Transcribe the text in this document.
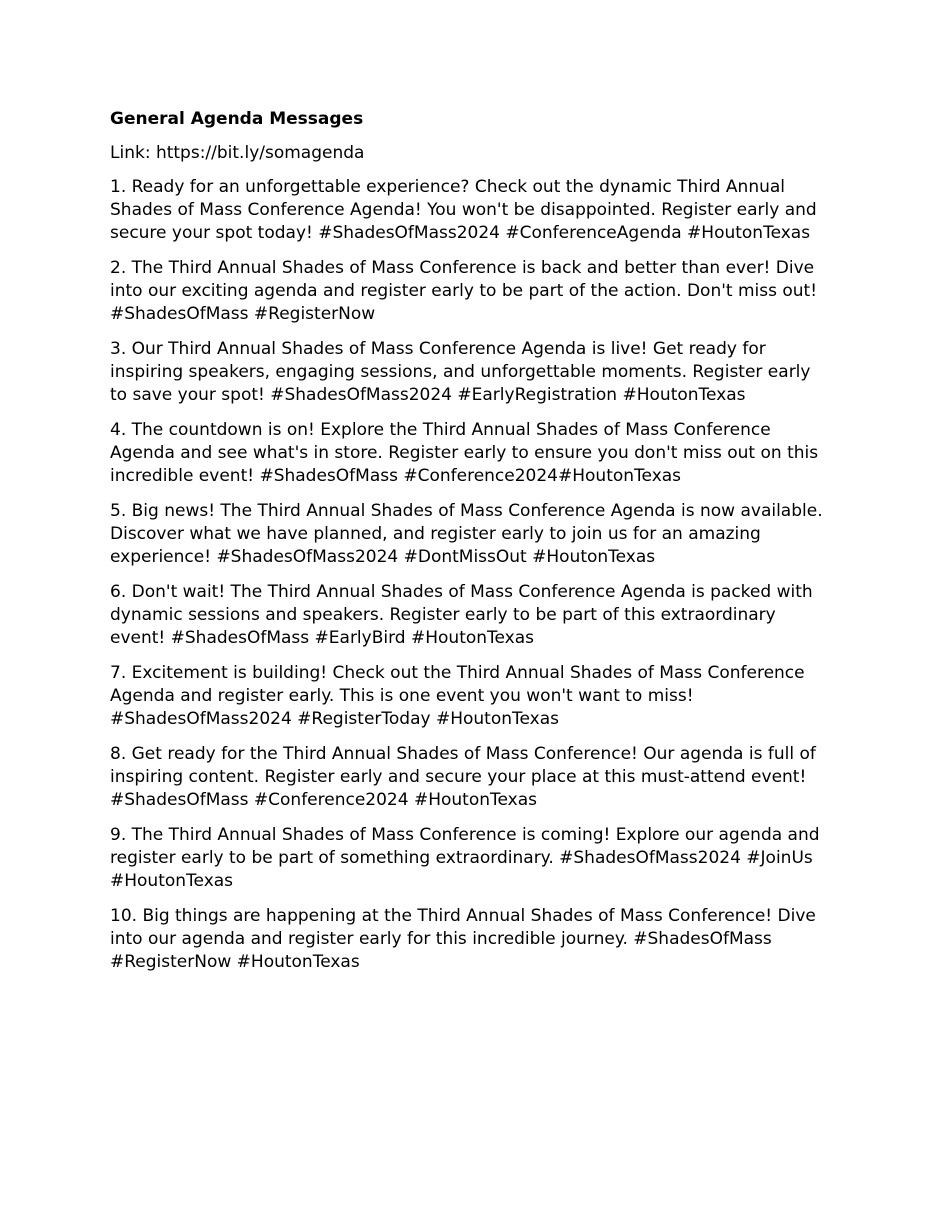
General Agenda Messages
Link: https://bit.ly/somagenda

1. Ready for an unforgettable experience? Check out the dynamic Third Annual Shades of Mass Conference Agenda! You won't be disappointed. Register early and secure your spot today! #ShadesOfMass2024 #ConferenceAgenda #HoutonTexas

2. The Third Annual Shades of Mass Conference is back and better than ever! Dive into our exciting agenda and register early to be part of the action. Don't miss out! #ShadesOfMass #RegisterNow

3. Our Third Annual Shades of Mass Conference Agenda is live! Get ready for inspiring speakers, engaging sessions, and unforgettable moments. Register early to save your spot! #ShadesOfMass2024 #EarlyRegistration #HoutonTexas

4. The countdown is on! Explore the Third Annual Shades of Mass Conference Agenda and see what's in store. Register early to ensure you don't miss out on this incredible event! #ShadesOfMass #Conference2024#HoutonTexas

5. Big news! The Third Annual Shades of Mass Conference Agenda is now available. Discover what we have planned, and register early to join us for an amazing experience! #ShadesOfMass2024 #DontMissOut #HoutonTexas

6. Don't wait! The Third Annual Shades of Mass Conference Agenda is packed with dynamic sessions and speakers. Register early to be part of this extraordinary event! #ShadesOfMass #EarlyBird #HoutonTexas

7. Excitement is building! Check out the Third Annual Shades of Mass Conference Agenda and register early. This is one event you won't want to miss! #ShadesOfMass2024 #RegisterToday #HoutonTexas

8. Get ready for the Third Annual Shades of Mass Conference! Our agenda is full of inspiring content. Register early and secure your place at this must-attend event! #ShadesOfMass #Conference2024 #HoutonTexas

9. The Third Annual Shades of Mass Conference is coming! Explore our agenda and register early to be part of something extraordinary. #ShadesOfMass2024 #JoinUs #HoutonTexas

10. Big things are happening at the Third Annual Shades of Mass Conference! Dive into our agenda and register early for this incredible journey. #ShadesOfMass #RegisterNow #HoutonTexas
